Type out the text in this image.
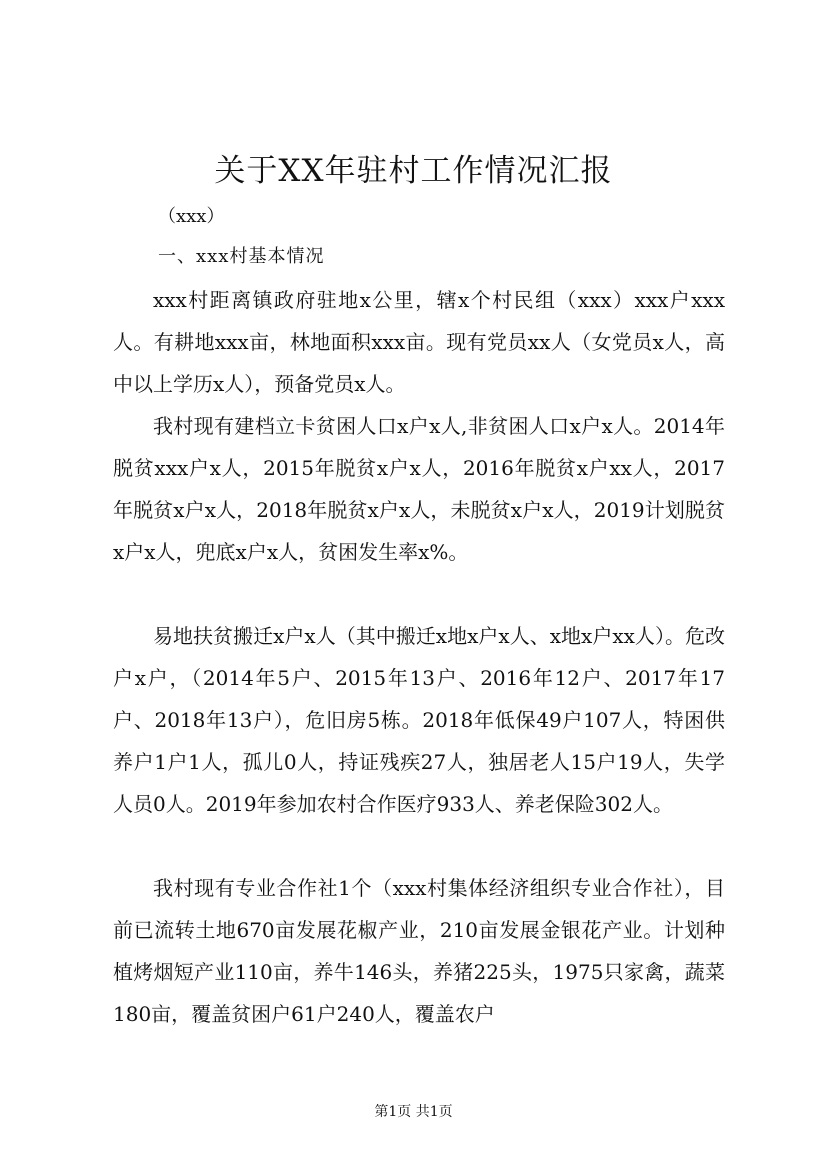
关于XX年驻村工作情况汇报
（xxx）
一、xxx村基本情况

xxx村距离镇政府驻地x公里，辖x个村民组（xxx）xxx户xxx人。有耕地xxx亩，林地面积xxx亩。现有党员xx人（女党员x人，高中以上学历x人），预备党员x人。

我村现有建档立卡贫困人口x户x人,非贫困人口x户x人。2014年脱贫xxx户x人，2015年脱贫x户x人，2016年脱贫x户xx人，2017年脱贫x户x人，2018年脱贫x户x人，未脱贫x户x人，2019计划脱贫x户x人，兜底x户x人，贫困发生率x%。

易地扶贫搬迁x户x人（其中搬迁x地x户x人、x地x户xx人）。危改户x户，（2014年5户、2015年13户、2016年12户、2017年17户、2018年13户），危旧房5栋。2018年低保49户107人，特困供养户1户1人，孤儿0人，持证残疾27人，独居老人15户19人，失学人员0人。2019年参加农村合作医疗933人、养老保险302人。

我村现有专业合作社1个（xxx村集体经济组织专业合作社），目前已流转土地670亩发展花椒产业，210亩发展金银花产业。计划种植烤烟短产业110亩，养牛146头，养猪225头，1975只家禽，蔬菜180亩，覆盖贫困户61户240人，覆盖农户

第1页 共1页
